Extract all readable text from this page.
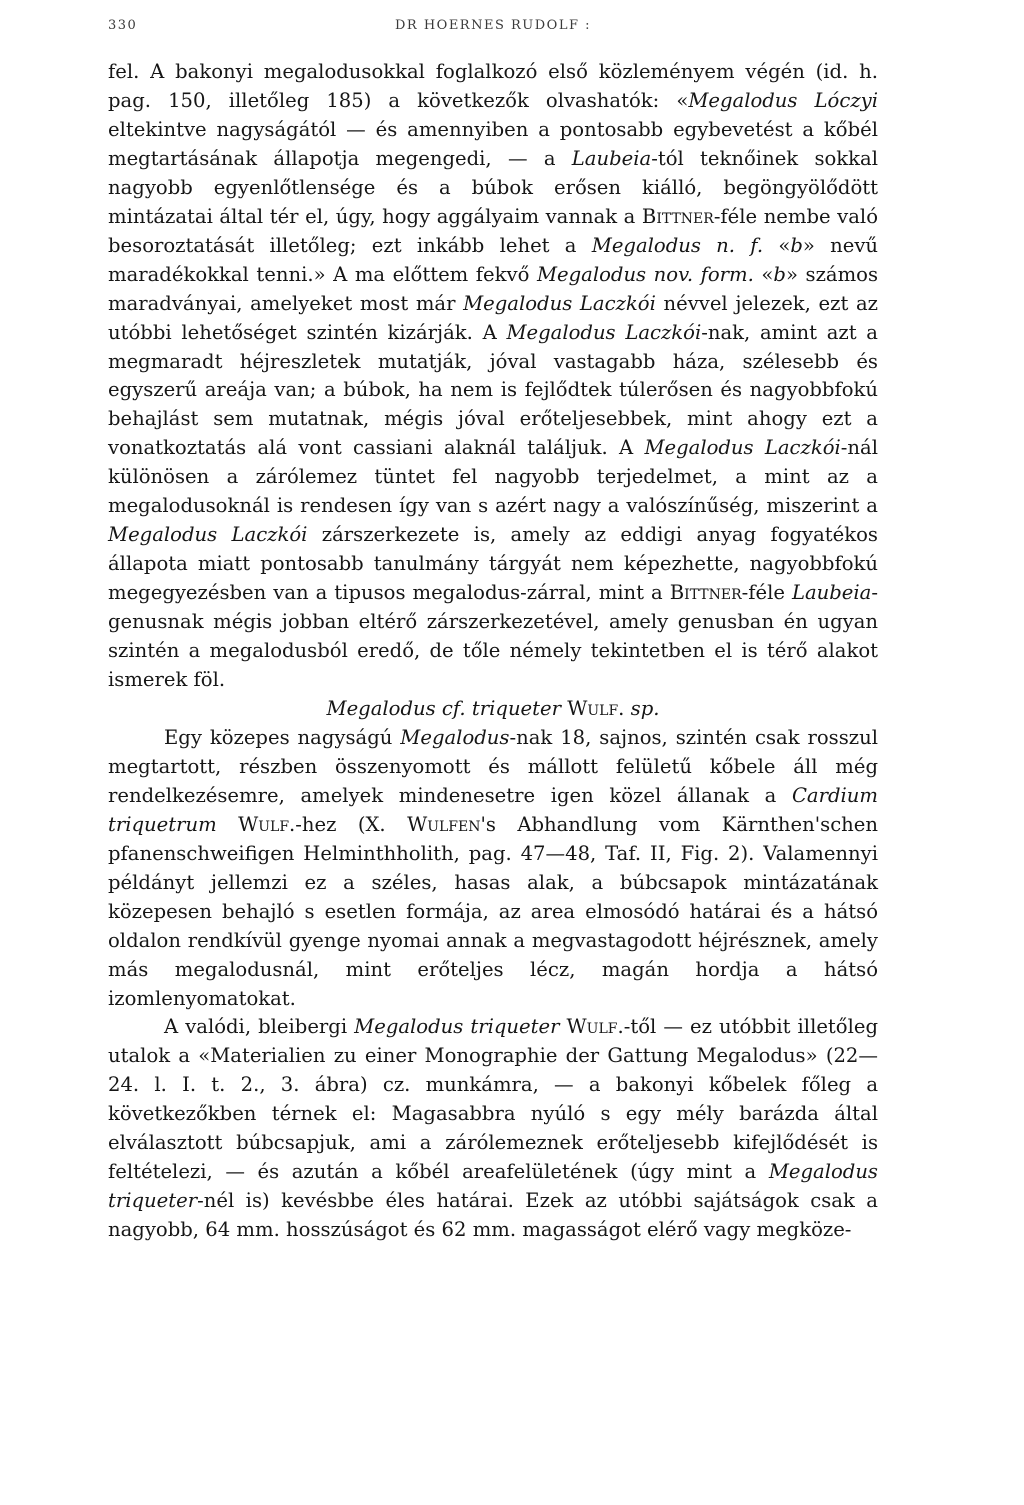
330	DR HOERNES RUDOLF :

fel. A bakonyi megalodusokkal foglalkozó első közleményem végén (id. h. pag. 150, illetőleg 185) a következők olvashatók: «Megalodus Lóczyi eltekintve nagyságától — és amennyiben a pontosabb egybevetést a kőbél megtartásának állapotja megengedi, — a Laubeia-tól teknőinek sokkal nagyobb egyenlőtlensége és a búbok erősen kiálló, begöngyölődött mintázatai által tér el, úgy, hogy aggályaim vannak a Bittner-féle nembe való besoroztatását illetőleg; ezt inkább lehet a Megalodus n. f. «b» nevű maradékokkal tenni.» A ma előttem fekvő Megalodus nov. form. «b» számos maradványai, amelyeket most már Megalodus Laczkói névvel jelezek, ezt az utóbbi lehetőséget szintén kizárják. A Megalodus Laczkói-nak, amint azt a megmaradt héjreszletek mutatják, jóval vastagabb háza, szélesebb és egyszerű areája van; a búbok, ha nem is fejlődtek túlerősen és nagyobbfokú behajlást sem mutatnak, mégis jóval erőteljesebbek, mint ahogy ezt a vonatkoztatás alá vont cassiani alaknál találjuk. A Megalodus Laczkói-nál különösen a zárólemez tüntet fel nagyobb terjedelmet, a mint az a megalodusoknál is rendesen így van s azért nagy a valószínűség, miszerint a Megalodus Laczkói zárszerkezete is, amely az eddigi anyag fogyatékos állapota miatt pontosabb tanulmány tárgyát nem képezhette, nagyobbfokú megegyezésben van a tipusos megalodus-zárral, mint a Bittner-féle Laubeia-genusnak mégis jobban eltérő zárszerkezetével, amely genusban én ugyan szintén a megalodusból eredő, de tőle némely tekintetben el is térő alakot ismerek föl.

Megalodus cf. triqueter Wulf. sp.

Egy közepes nagyságú Megalodus-nak 18, sajnos, szintén csak rosszul megtartott, részben összenyomott és mállott felületű kőbele áll még rendelkezésemre, amelyek mindenesetre igen közel állanak a Cardium triquetrum Wulf.-hez (X. Wulfen's Abhandlung vom Kärnthen'schen pfanenschweifigen Helminthholith, pag. 47—48, Taf. II, Fig. 2). Valamennyi példányt jellemzi ez a széles, hasas alak, a búbcsapok mintázatának közepesen behajló s esetlen formája, az area elmosódó határai és a hátsó oldalon rendkívül gyenge nyomai annak a megvastagodott héjrésznek, amely más megalodusnál, mint erőteljes lécz, magán hordja a hátsó izomlenyomatokat.

A valódi, bleibergi Megalodus triqueter Wulf.-től — ez utóbbit illetőleg utalok a «Materialien zu einer Monographie der Gattung Megalodus» (22—24. l. I. t. 2., 3. ábra) cz. munkámra, — a bakonyi kőbelek főleg a következőkben térnek el: Magasabbra nyúló s egy mély barázda által elválasztott búbcsapjuk, ami a zárólemeznek erőteljesebb kifejlődését is feltételezi, — és azután a kőbél areafelületének (úgy mint a Megalodus triqueter-nél is) kevésbbe éles határai. Ezek az utóbbi sajátságok csak a nagyobb, 64 mm. hosszúságot és 62 mm. magasságot elérő vagy megköze-
